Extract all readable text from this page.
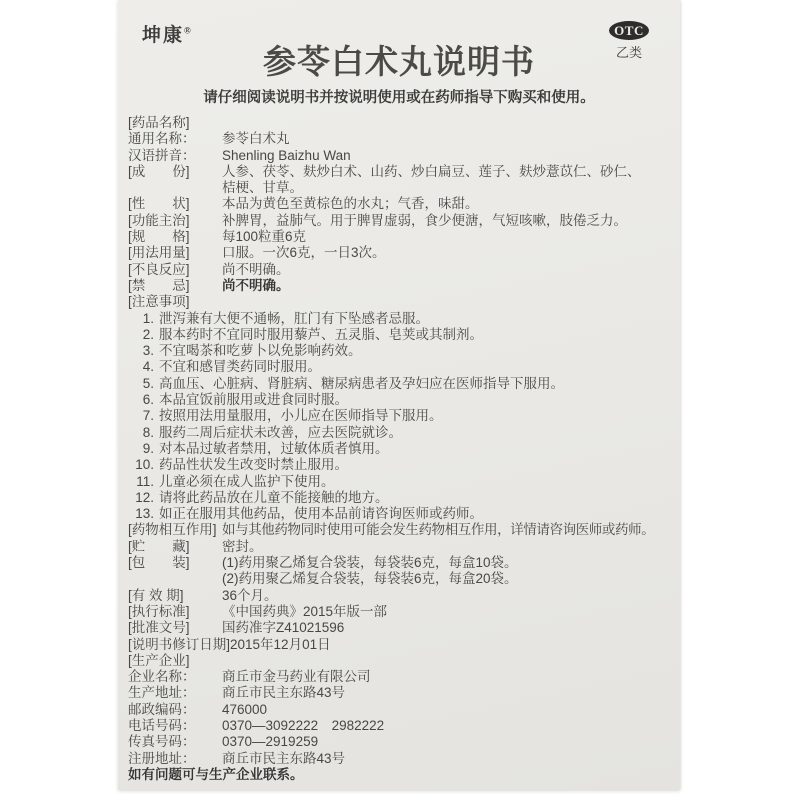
坤康®	OTC
乙类
参苓白术丸说明书
请仔细阅读说明书并按说明使用或在药师指导下购买和使用。
[药品名称]
通用名称：	参苓白术丸
汉语拼音：	Shenling Baizhu Wan
[成　　份]	人参、茯苓、麸炒白术、山药、炒白扁豆、莲子、麸炒薏苡仁、砂仁、
桔梗、甘草。
[性　　状]	本品为黄色至黄棕色的水丸；气香，味甜。
[功能主治]	补脾胃，益肺气。用于脾胃虚弱，食少便溏，气短咳嗽，肢倦乏力。
[规　　格]	每100粒重6克
[用法用量]	口服。一次6克，一日3次。
[不良反应]	尚不明确。
[禁　　忌]	尚不明确。
[注意事项]
1. 泄泻兼有大便不通畅，肛门有下坠感者忌服。
2. 服本药时不宜同时服用藜芦、五灵脂、皂荚或其制剂。
3. 不宜喝茶和吃萝卜以免影响药效。
4. 不宜和感冒类药同时服用。
5. 高血压、心脏病、肾脏病、糖尿病患者及孕妇应在医师指导下服用。
6. 本品宜饭前服用或进食同时服。
7. 按照用法用量服用，小儿应在医师指导下服用。
8. 服药二周后症状未改善，应去医院就诊。
9. 对本品过敏者禁用，过敏体质者慎用。
10. 药品性状发生改变时禁止服用。
11. 儿童必须在成人监护下使用。
12. 请将此药品放在儿童不能接触的地方。
13. 如正在服用其他药品，使用本品前请咨询医师或药师。
[药物相互作用] 如与其他药物同时使用可能会发生药物相互作用，详情请咨询医师或药师。
[贮　　藏]	密封。
[包　　装]	(1)药用聚乙烯复合袋装，每袋装6克，每盒10袋。
(2)药用聚乙烯复合袋装，每袋装6克，每盒20袋。
[有 效 期]	36个月。
[执行标准]	《中国药典》2015年版一部
[批准文号]	国药准字Z41021596
[说明书修订日期] 2015年12月01日
[生产企业]
企业名称：	商丘市金马药业有限公司
生产地址：	商丘市民主东路43号
邮政编码：	476000
电话号码：	0370—3092222　2982222
传真号码：	0370—2919259
注册地址：	商丘市民主东路43号
如有问题可与生产企业联系。
